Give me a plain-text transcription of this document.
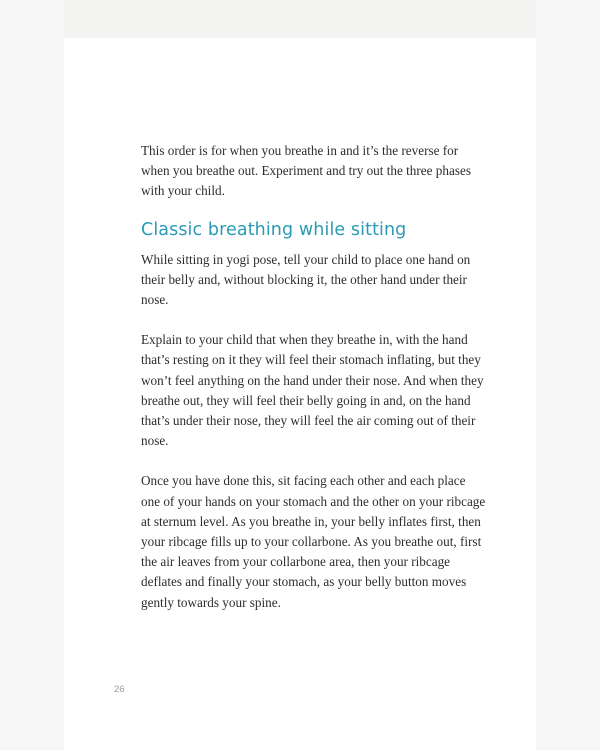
This order is for when you breathe in and it’s the reverse for when you breathe out. Experiment and try out the three phases with your child.

Classic breathing while sitting

While sitting in yogi pose, tell your child to place one hand on their belly and, without blocking it, the other hand under their nose.

Explain to your child that when they breathe in, with the hand that’s resting on it they will feel their stomach inflating, but they won’t feel anything on the hand under their nose. And when they breathe out, they will feel their belly going in and, on the hand that’s under their nose, they will feel the air coming out of their nose.

Once you have done this, sit facing each other and each place one of your hands on your stomach and the other on your ribcage at sternum level. As you breathe in, your belly inflates first, then your ribcage fills up to your collarbone. As you breathe out, first the air leaves from your collarbone area, then your ribcage deflates and finally your stomach, as your belly button moves gently towards your spine.

26
